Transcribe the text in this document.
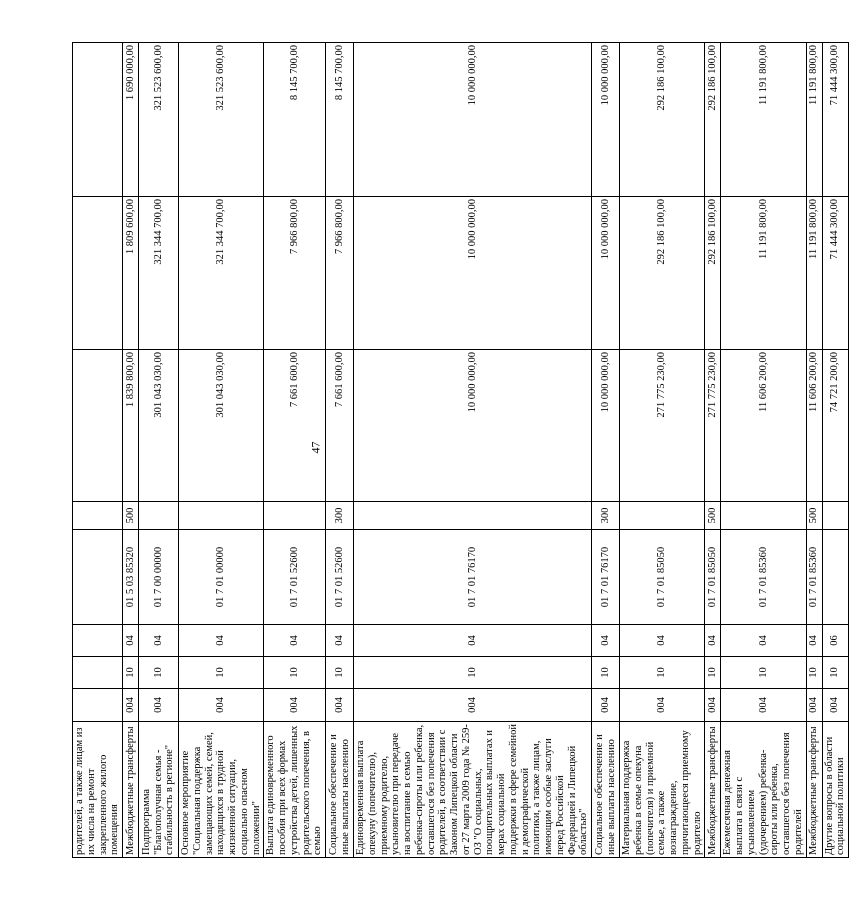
47
родителей, а также лицам из их числа на ремонт закрепленного жилого помещения								
Межбюджетные трансферты	004	10	04	01 5 03 85320	500	1 839 800,00	1 809 600,00	1 690 000,00
Подпрограмма "Благополучная семья - стабильность в регионе"	004	10	04	01 7 00 00000		301 043 030,00	321 344 700,00	321 523 600,00
Основное мероприятие "Социальная поддержка замещающих семей, семей, находящихся в трудной жизненной ситуации, социально опасном положении"	004	10	04	01 7 01 00000		301 043 030,00	321 344 700,00	321 523 600,00
Выплата единовременного пособия при всех формах устройства детей, лишенных родительского попечения, в семью	004	10	04	01 7 01 52600		7 661 600,00	7 966 800,00	8 145 700,00
Социальное обеспечение и иные выплаты населению	004	10	04	01 7 01 52600	300	7 661 600,00	7 966 800,00	8 145 700,00
Единовременная выплата опекуну (попечителю), приемному родителю, усыновителю при передаче на воспитание в семью ребенка-сироты или ребенка, оставшегося без попечения родителей, в соответствии с Законом Липецкой области от 27 марта 2009 года № 259-ОЗ "О социальных, поощрительных выплатах и мерах социальной поддержки в сфере семейной и демографической политики, а также лицам, имеющим особые заслуги перед Российской Федерацией и Липецкой областью"	004	10	04	01 7 01 76170		10 000 000,00	10 000 000,00	10 000 000,00
Социальное обеспечение и иные выплаты населению	004	10	04	01 7 01 76170	300	10 000 000,00	10 000 000,00	10 000 000,00
Материальная поддержка ребенка в семье опекуна (попечителя) и приемной семье, а также вознаграждение, причитающееся приемному родителю	004	10	04	01 7 01 85050		271 775 230,00	292 186 100,00	292 186 100,00
Межбюджетные трансферты	004	10	04	01 7 01 85050	500	271 775 230,00	292 186 100,00	292 186 100,00
Ежемесячная денежная выплата в связи с усыновлением (удочерением) ребенка-сироты или ребенка, оставшегося без попечения родителей	004	10	04	01 7 01 85360		11 606 200,00	11 191 800,00	11 191 800,00
Межбюджетные трансферты	004	10	04	01 7 01 85360	500	11 606 200,00	11 191 800,00	11 191 800,00
Другие вопросы в области социальной политики	004	10	06			74 721 200,00	71 444 300,00	71 444 300,00
